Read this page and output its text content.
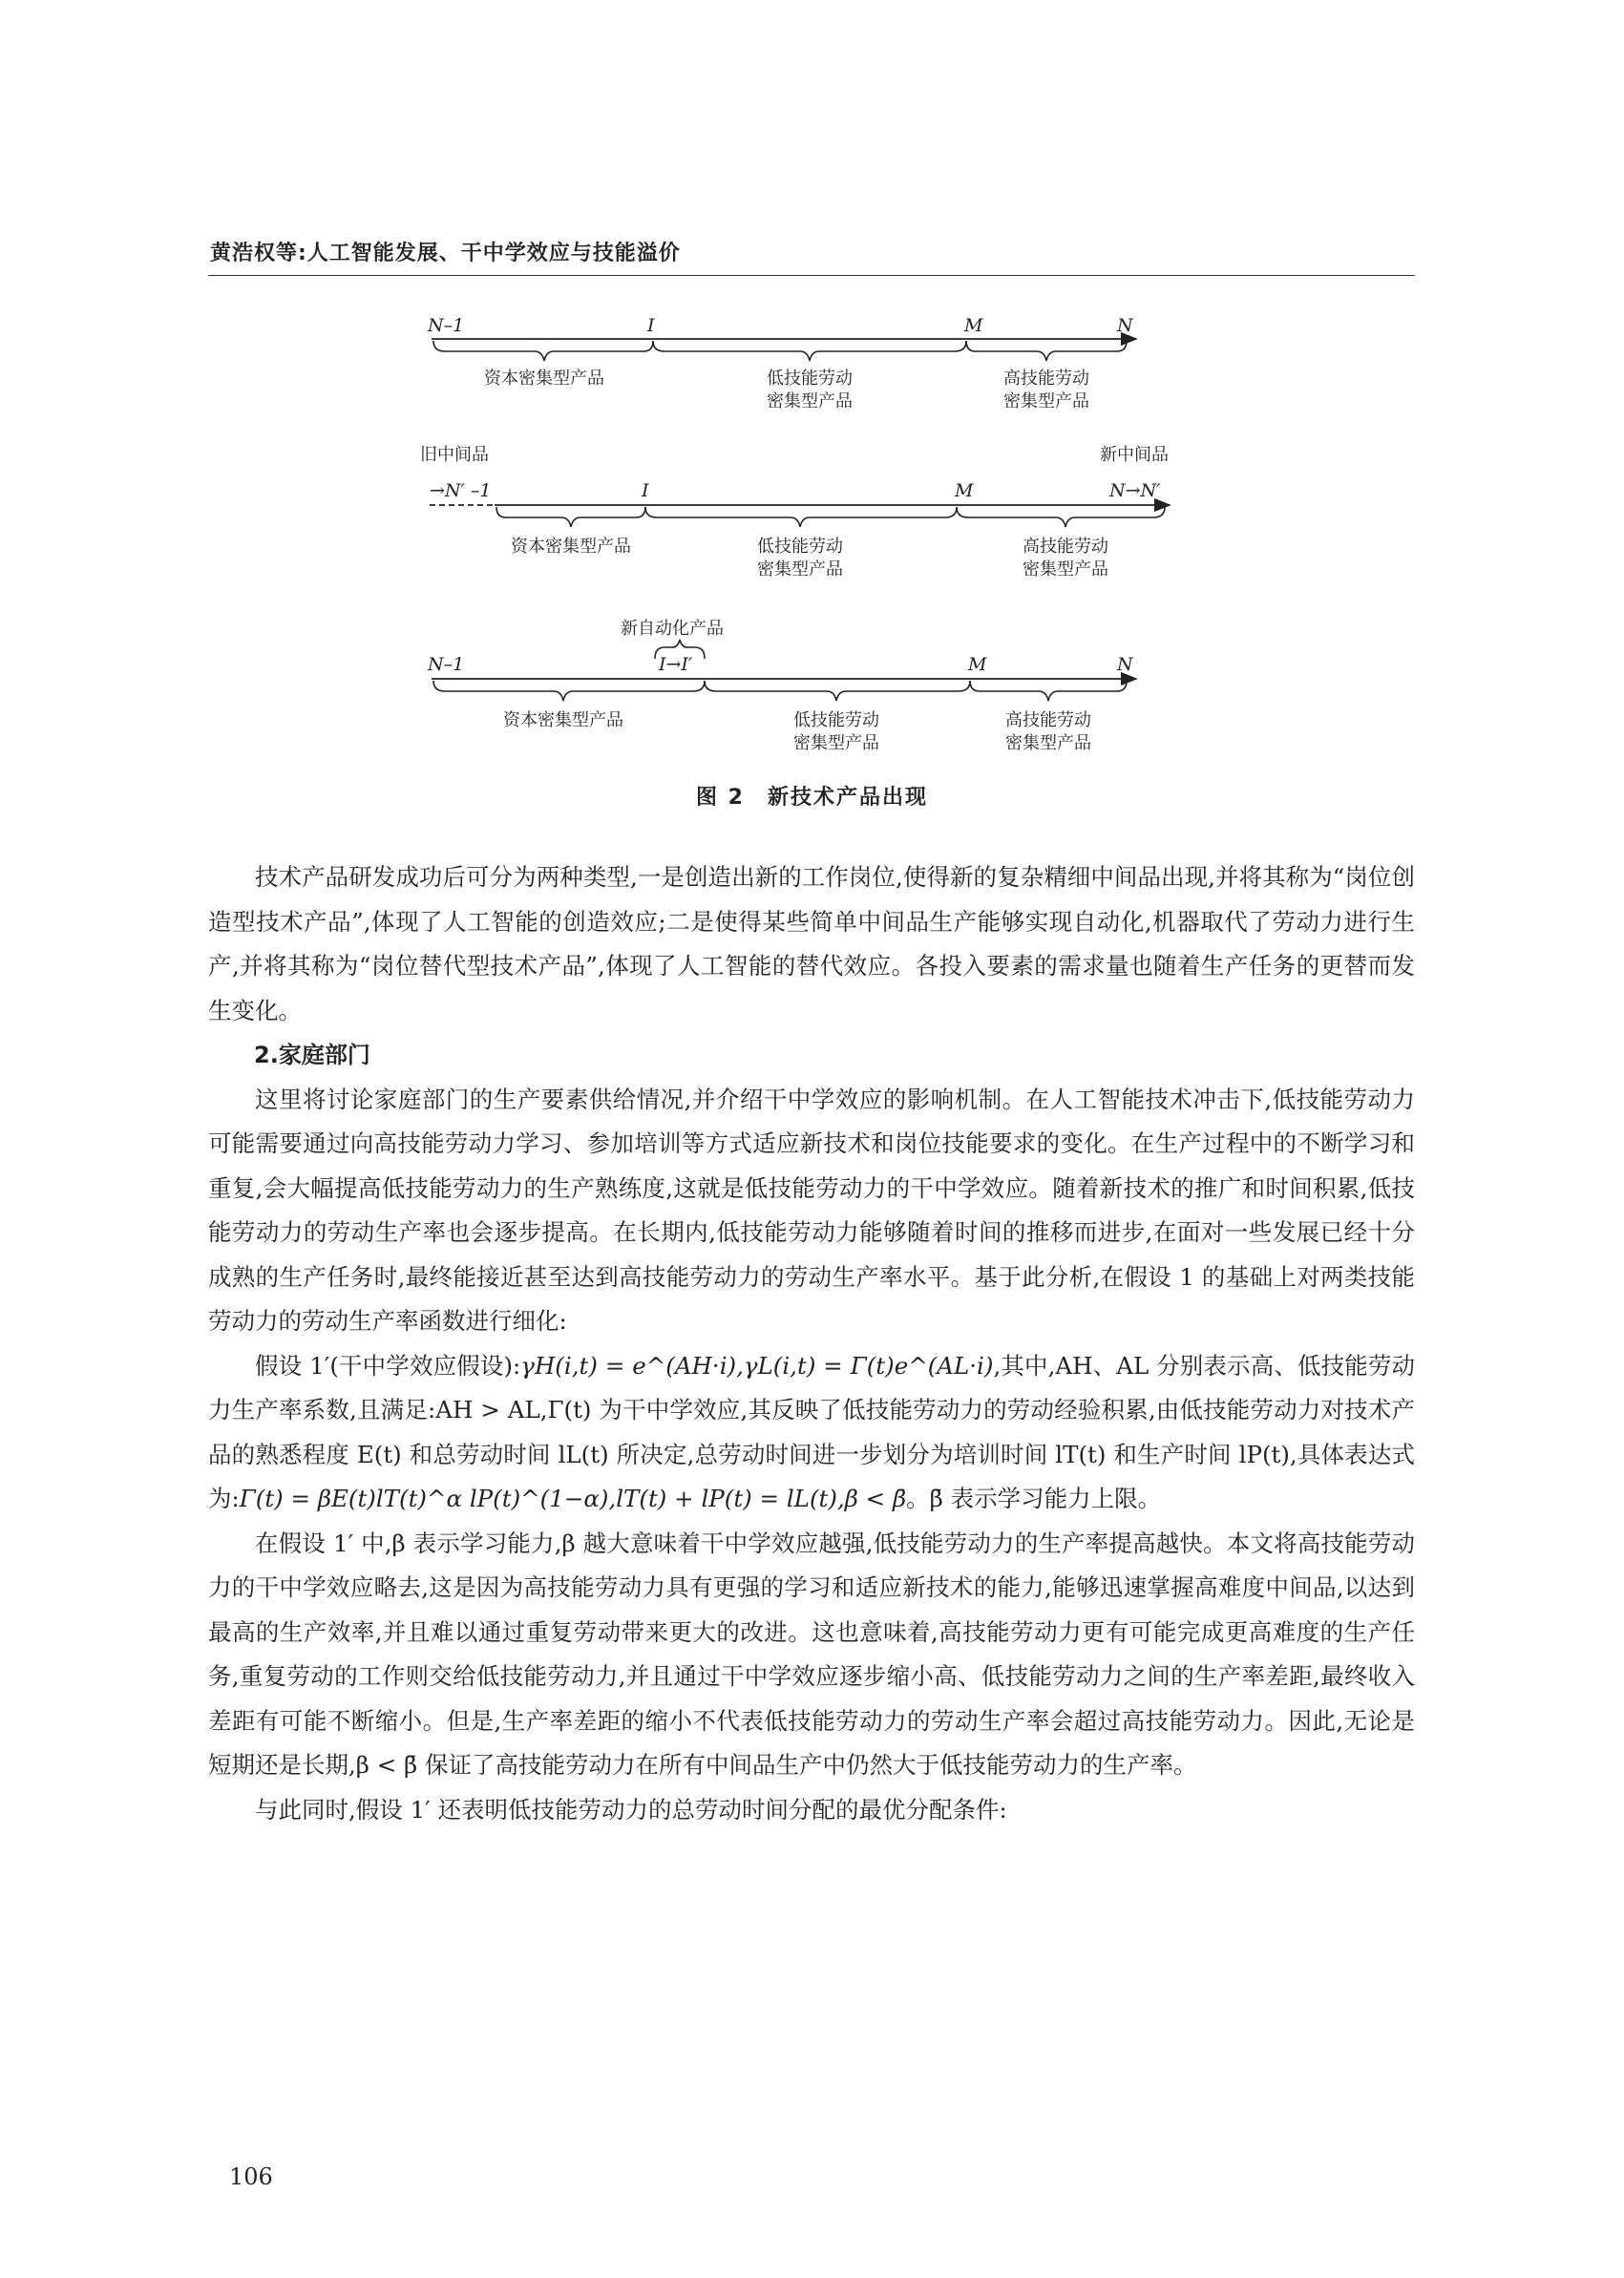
黄浩权等:人工智能发展、干中学效应与技能溢价
N–1	I	M	N
资本密集型产品	低技能劳动
密集型产品
高技能劳动
密集型产品
旧中间品	新中间品
→N′ –1	I	M	N→N′
资本密集型产品	低技能劳动
密集型产品
高技能劳动
密集型产品
新自动化产品
N–1	I→I′	M	N
资本密集型产品	低技能劳动
密集型产品
高技能劳动
密集型产品
图 2　新技术产品出现

技术产品研发成功后可分为两种类型,一是创造出新的工作岗位,使得新的复杂精细中间品出现,并将其称为“岗位创造型技术产品”,体现了人工智能的创造效应;二是使得某些简单中间品生产能够实现自动化,机器取代了劳动力进行生产,并将其称为“岗位替代型技术产品”,体现了人工智能的替代效应。各投入要素的需求量也随着生产任务的更替而发生变化。

2.家庭部门

这里将讨论家庭部门的生产要素供给情况,并介绍干中学效应的影响机制。在人工智能技术冲击下,低技能劳动力可能需要通过向高技能劳动力学习、参加培训等方式适应新技术和岗位技能要求的变化。在生产过程中的不断学习和重复,会大幅提高低技能劳动力的生产熟练度,这就是低技能劳动力的干中学效应。随着新技术的推广和时间积累,低技能劳动力的劳动生产率也会逐步提高。在长期内,低技能劳动力能够随着时间的推移而进步,在面对一些发展已经十分成熟的生产任务时,最终能接近甚至达到高技能劳动力的劳动生产率水平。基于此分析,在假设 1 的基础上对两类技能劳动力的劳动生产率函数进行细化:

假设 1′(干中学效应假设):γH(i,t) = e^(AH·i),γL(i,t) = Γ(t)e^(AL·i),其中,AH、AL 分别表示高、低技能劳动力生产率系数,且满足:AH > AL,Γ(t) 为干中学效应,其反映了低技能劳动力的劳动经验积累,由低技能劳动力对技术产品的熟悉程度 E(t) 和总劳动时间 lL(t) 所决定,总劳动时间进一步划分为培训时间 lT(t) 和生产时间 lP(t),具体表达式为:Γ(t) = βE(t)lT(t)^α lP(t)^(1−α),lT(t) + lP(t) = lL(t),β < β̄。β̄ 表示学习能力上限。

在假设 1′ 中,β 表示学习能力,β 越大意味着干中学效应越强,低技能劳动力的生产率提高越快。本文将高技能劳动力的干中学效应略去,这是因为高技能劳动力具有更强的学习和适应新技术的能力,能够迅速掌握高难度中间品,以达到最高的生产效率,并且难以通过重复劳动带来更大的改进。这也意味着,高技能劳动力更有可能完成更高难度的生产任务,重复劳动的工作则交给低技能劳动力,并且通过干中学效应逐步缩小高、低技能劳动力之间的生产率差距,最终收入差距有可能不断缩小。但是,生产率差距的缩小不代表低技能劳动力的劳动生产率会超过高技能劳动力。因此,无论是短期还是长期,β < β̄ 保证了高技能劳动力在所有中间品生产中仍然大于低技能劳动力的生产率。

与此同时,假设 1′ 还表明低技能劳动力的总劳动时间分配的最优分配条件:

106
